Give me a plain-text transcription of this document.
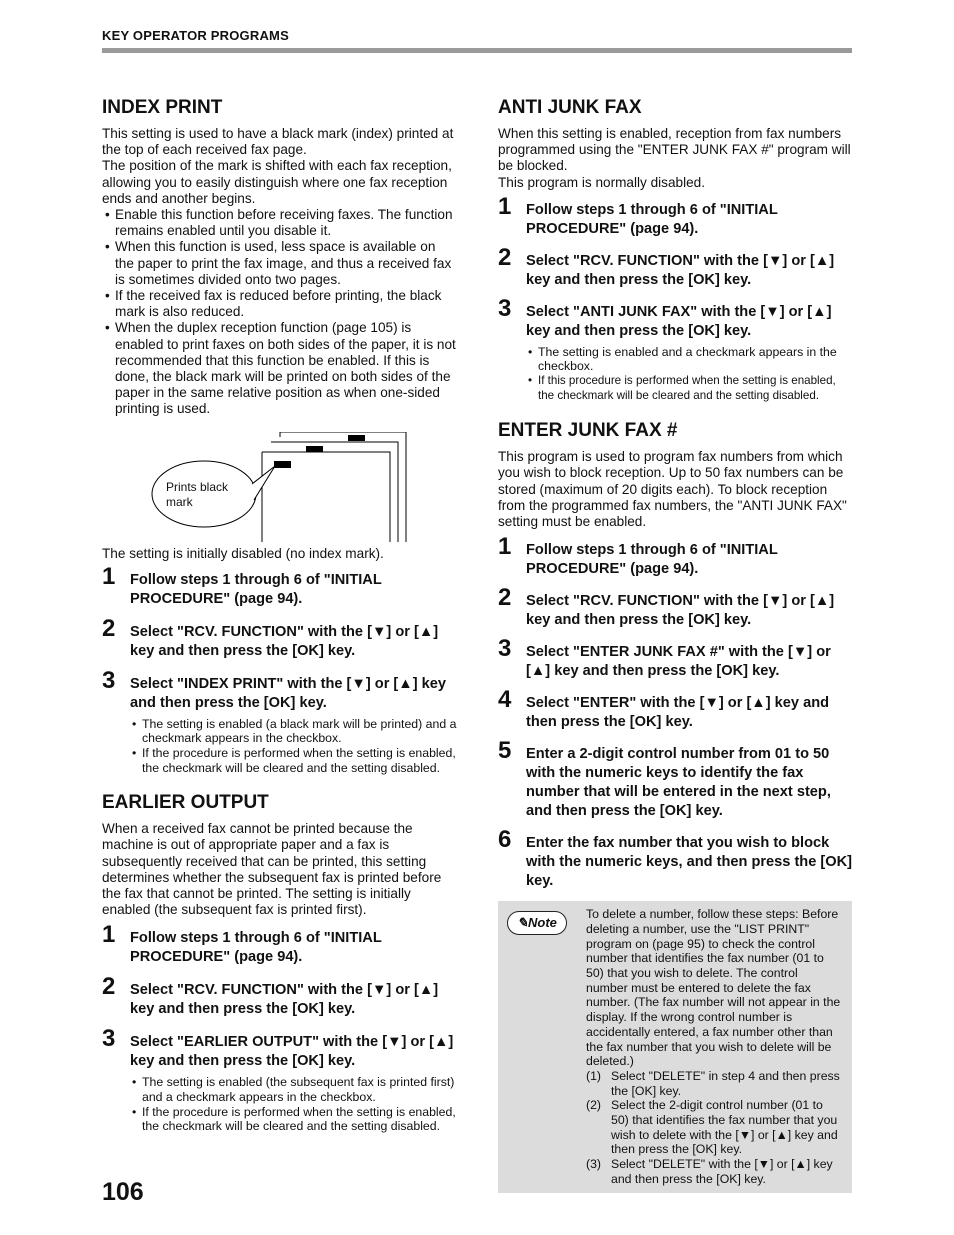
KEY OPERATOR PROGRAMS
INDEX PRINT

This setting is used to have a black mark (index) printed at the top of each received fax page.

The position of the mark is shifted with each fax reception, allowing you to easily distinguish where one fax reception ends and another begins.

• Enable this function before receiving faxes. The function remains enabled until you disable it.
• When this function is used, less space is available on the paper to print the fax image, and thus a received fax is sometimes divided onto two pages.
• If the received fax is reduced before printing, the black mark is also reduced.
• When the duplex reception function (page 105) is enabled to print faxes on both sides of the paper, it is not recommended that this function be enabled. If this is done, the black mark will be printed on both sides of the paper in the same relative position as when one-sided printing is used.
Prints black mark

The setting is initially disabled (no index mark).

1 Follow steps 1 through 6 of "INITIAL PROCEDURE" (page 94).
2 Select "RCV. FUNCTION" with the [▼] or [▲] key and then press the [OK] key.
3 Select "INDEX PRINT" with the [▼] or [▲] key and then press the [OK] key.
• The setting is enabled (a black mark will be printed) and a checkmark appears in the checkbox.
• If the procedure is performed when the setting is enabled, the checkmark will be cleared and the setting disabled.
EARLIER OUTPUT

When a received fax cannot be printed because the machine is out of appropriate paper and a fax is subsequently received that can be printed, this setting determines whether the subsequent fax is printed before the fax that cannot be printed. The setting is initially enabled (the subsequent fax is printed first).

1 Follow steps 1 through 6 of "INITIAL PROCEDURE" (page 94).
2 Select "RCV. FUNCTION" with the [▼] or [▲] key and then press the [OK] key.
3 Select "EARLIER OUTPUT" with the [▼] or [▲] key and then press the [OK] key.
• The setting is enabled (the subsequent fax is printed first) and a checkmark appears in the checkbox.
• If the procedure is performed when the setting is enabled, the checkmark will be cleared and the setting disabled.
ANTI JUNK FAX

When this setting is enabled, reception from fax numbers programmed using the "ENTER JUNK FAX #" program will be blocked.

This program is normally disabled.

1 Follow steps 1 through 6 of "INITIAL PROCEDURE" (page 94).
2 Select "RCV. FUNCTION" with the [▼] or [▲] key and then press the [OK] key.
3 Select "ANTI JUNK FAX" with the [▼] or [▲] key and then press the [OK] key.
• The setting is enabled and a checkmark appears in the checkbox.
• If this procedure is performed when the setting is enabled, the checkmark will be cleared and the setting disabled.
ENTER JUNK FAX #

This program is used to program fax numbers from which you wish to block reception. Up to 50 fax numbers can be stored (maximum of 20 digits each). To block reception from the programmed fax numbers, the "ANTI JUNK FAX" setting must be enabled.

1 Follow steps 1 through 6 of "INITIAL PROCEDURE" (page 94).
2 Select "RCV. FUNCTION" with the [▼] or [▲] key and then press the [OK] key.
3 Select "ENTER JUNK FAX #" with the [▼] or [▲] key and then press the [OK] key.
4 Select "ENTER" with the [▼] or [▲] key and then press the [OK] key.
5 Enter a 2-digit control number from 01 to 50 with the numeric keys to identify the fax number that will be entered in the next step, and then press the [OK] key.
6 Enter the fax number that you wish to block with the numeric keys, and then press the [OK] key.
✎Note
To delete a number, follow these steps: Before deleting a number, use the "LIST PRINT" program on (page 95) to check the control number that identifies the fax number (01 to 50) that you wish to delete. The control number must be entered to delete the fax number. (The fax number will not appear in the display. If the wrong control number is accidentally entered, a fax number other than the fax number that you wish to delete will be deleted.)
(1) Select "DELETE" in step 4 and then press the [OK] key.
(2) Select the 2-digit control number (01 to 50) that identifies the fax number that you wish to delete with the [▼] or [▲] key and then press the [OK] key.
(3) Select "DELETE" with the [▼] or [▲] key and then press the [OK] key.
106
